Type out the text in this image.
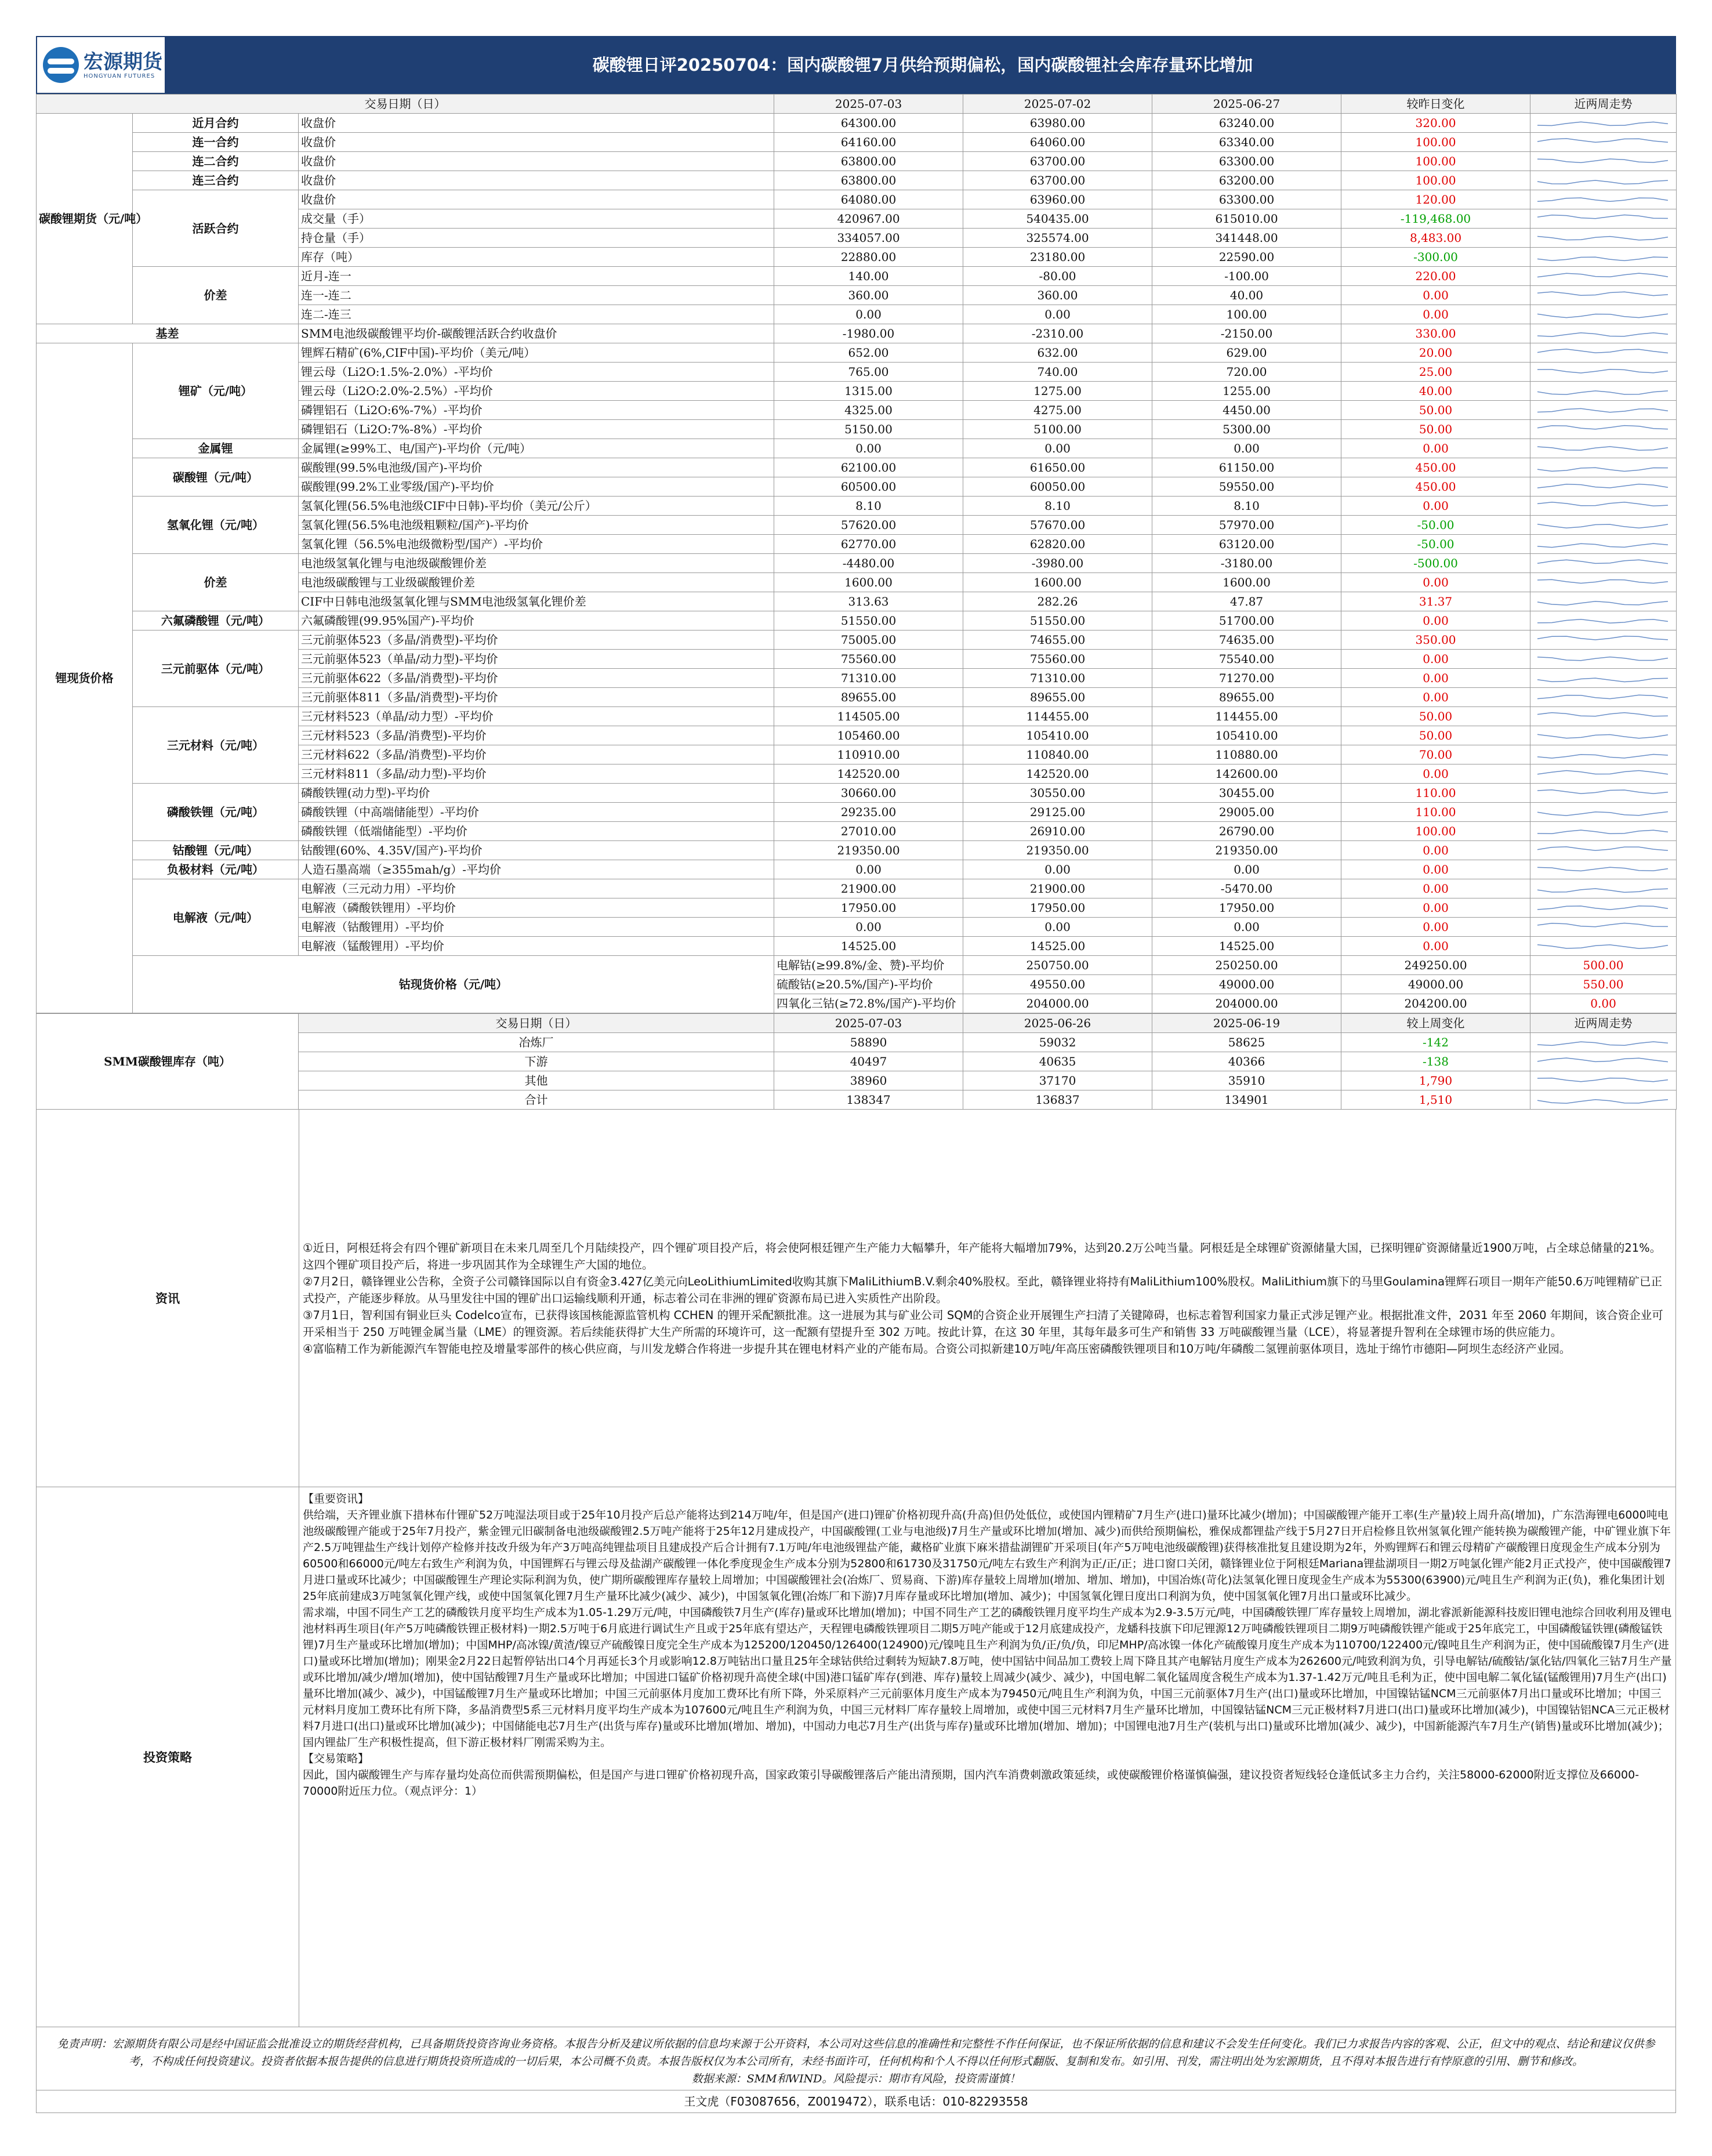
宏源期货
HONGYUAN FUTURES
碳酸锂日评20250704：国内碳酸锂7月供给预期偏松，国内碳酸锂社会库存量环比增加
交易日期（日）			2025-07-03	2025-07-02	2025-06-27	较昨日变化	近两周走势	
碳酸锂期货（元/吨）	近月合约	收盘价	64300.00	63980.00	63240.00	320.00	

	连一合约	收盘价	64160.00	64060.00	63340.00	100.00	

	连二合约	收盘价	63800.00	63700.00	63300.00	100.00	

	连三合约	收盘价	63800.00	63700.00	63200.00	100.00	

	活跃合约	收盘价	64080.00	63960.00	63300.00	120.00	

		成交量（手）	420967.00	540435.00	615010.00	-119,468.00	

		持仓量（手）	334057.00	325574.00	341448.00	8,483.00	

		库存（吨）	22880.00	23180.00	22590.00	-300.00	

	价差	近月-连一	140.00	-80.00	-100.00	220.00	

		连一-连二	360.00	360.00	40.00	0.00	

		连二-连三	0.00	0.00	100.00	0.00	

基差		SMM电池级碳酸锂平均价-碳酸锂活跃合约收盘价	-1980.00	-2310.00	-2150.00	330.00	

锂现货价格	锂矿（元/吨）	锂辉石精矿(6%,CIF中国)-平均价（美元/吨）	652.00	632.00	629.00	20.00	

		锂云母（Li2O:1.5%-2.0%）-平均价	765.00	740.00	720.00	25.00	

		锂云母（Li2O:2.0%-2.5%）-平均价	1315.00	1275.00	1255.00	40.00	

		磷锂铝石（Li2O:6%-7%）-平均价	4325.00	4275.00	4450.00	50.00	

		磷锂铝石（Li2O:7%-8%）-平均价	5150.00	5100.00	5300.00	50.00	

	金属锂	金属锂(≥99%工、电/国产)-平均价（元/吨）	0.00	0.00	0.00	0.00	

	碳酸锂（元/吨）	碳酸锂(99.5%电池级/国产)-平均价	62100.00	61650.00	61150.00	450.00	

		碳酸锂(99.2%工业零级/国产)-平均价	60500.00	60050.00	59550.00	450.00	

	氢氧化锂（元/吨）	氢氧化锂(56.5%电池级CIF中日韩)-平均价（美元/公斤）	8.10	8.10	8.10	0.00	

		氢氧化锂(56.5%电池级粗颗粒/国产)-平均价	57620.00	57670.00	57970.00	-50.00	

		氢氧化锂（56.5%电池级微粉型/国产）-平均价	62770.00	62820.00	63120.00	-50.00	

	价差	电池级氢氧化锂与电池级碳酸锂价差	-4480.00	-3980.00	-3180.00	-500.00	

		电池级碳酸锂与工业级碳酸锂价差	1600.00	1600.00	1600.00	0.00	

		CIF中日韩电池级氢氧化锂与SMM电池级氢氧化锂价差	313.63	282.26	47.87	31.37	

	六氟磷酸锂（元/吨）	六氟磷酸锂(99.95%国产)-平均价	51550.00	51550.00	51700.00	0.00	

	三元前驱体（元/吨）	三元前驱体523（多晶/消费型)-平均价	75005.00	74655.00	74635.00	350.00	

		三元前驱体523（单晶/动力型)-平均价	75560.00	75560.00	75540.00	0.00	

		三元前驱体622（多晶/消费型)-平均价	71310.00	71310.00	71270.00	0.00	

		三元前驱体811（多晶/消费型)-平均价	89655.00	89655.00	89655.00	0.00	

	三元材料（元/吨）	三元材料523（单晶/动力型）-平均价	114505.00	114455.00	114455.00	50.00	

		三元材料523（多晶/消费型)-平均价	105460.00	105410.00	105410.00	50.00	

		三元材料622（多晶/消费型)-平均价	110910.00	110840.00	110880.00	70.00	

		三元材料811（多晶/动力型)-平均价	142520.00	142520.00	142600.00	0.00	

	磷酸铁锂（元/吨）	磷酸铁锂(动力型)-平均价	30660.00	30550.00	30455.00	110.00	

		磷酸铁锂（中高端储能型）-平均价	29235.00	29125.00	29005.00	110.00	

		磷酸铁锂（低端储能型）-平均价	27010.00	26910.00	26790.00	100.00	

	钴酸锂（元/吨）	钴酸锂(60%、4.35V/国产)-平均价	219350.00	219350.00	219350.00	0.00	

	负极材料（元/吨）	人造石墨高端（≥355mah/g）-平均价	0.00	0.00	0.00	0.00	

	电解液（元/吨）	电解液（三元动力用）-平均价	21900.00	21900.00	-5470.00	0.00	

		电解液（磷酸铁锂用）-平均价	17950.00	17950.00	17950.00	0.00	

		电解液（钴酸锂用）-平均价	0.00	0.00	0.00	0.00	

		电解液（锰酸锂用）-平均价	14525.00	14525.00	14525.00	0.00	

	钴现货价格（元/吨）		电解钴(≥99.8%/金、赞)-平均价	250750.00	250250.00	249250.00	500.00	

			硫酸钴(≥20.5%/国产)-平均价	49550.00	49000.00	49000.00	550.00	

			四氧化三钴(≥72.8%/国产)-平均价	204000.00	204000.00	204200.00	0.00	
SMM碳酸锂库存（吨）	交易日期（日）	2025-07-03	2025-06-26	2025-06-19	较上周变化	近两周走势
	冶炼厂	58890	59032	58625	-142	

	下游	40497	40635	40366	-138	

	其他	38960	37170	35910	1,790	

	合计	138347	136837	134901	1,510	
资讯

①近日，阿根廷将会有四个锂矿新项目在未来几周至几个月陆续投产，四个锂矿项目投产后，将会使阿根廷锂产生产能力大幅攀升，年产能将大幅增加79%，达到20.2万公吨当量。阿根廷是全球锂矿资源储量大国，已探明锂矿资源储量近1900万吨，占全球总储量的21%。这四个锂矿项目投产后，将进一步巩固其作为全球锂生产大国的地位。

②7月2日，赣锋锂业公告称，全资子公司赣锋国际以自有资金3.427亿美元向LeoLithiumLimited收购其旗下MaliLithiumB.V.剩余40%股权。至此，赣锋锂业将持有MaliLithium100%股权。MaliLithium旗下的马里Goulamina锂辉石项目一期年产能50.6万吨锂精矿已正式投产，产能逐步释放。从马里发往中国的锂矿出口运输线顺利开通，标志着公司在非洲的锂矿资源布局已进入实质性产出阶段。

③7月1日，智利国有铜业巨头 Codelco宣布，已获得该国核能源监管机构 CCHEN 的锂开采配额批准。这一进展为其与矿业公司 SQM的合资企业开展锂生产扫清了关键障碍，也标志着智利国家力量正式涉足锂产业。根据批准文件，2031 年至 2060 年期间，该合资企业可开采相当于 250 万吨锂金属当量（LME）的锂资源。若后续能获得扩大生产所需的环境许可，这一配额有望提升至 302 万吨。按此计算，在这 30 年里，其每年最多可生产和销售 33 万吨碳酸锂当量（LCE），将显著提升智利在全球锂市场的供应能力。

④富临精工作为新能源汽车智能电控及增量零部件的核心供应商，与川发龙蟒合作将进一步提升其在锂电材料产业的产能布局。合资公司拟新建10万吨/年高压密磷酸铁锂项目和10万吨/年磷酸二氢锂前驱体项目，选址于绵竹市德阳—阿坝生态经济产业园。

投资策略

【重要资讯】

供给端，天齐锂业旗下措林布什锂矿52万吨湿法项目或于25年10月投产后总产能将达到214万吨/年，但是国产(进口)锂矿价格初现升高(升高)但仍处低位，或使国内锂精矿7月生产(进口)量环比减少(增加)；中国碳酸锂产能开工率(生产量)较上周升高(增加)，广东浩海锂电6000吨电池级碳酸锂产能或于25年7月投产，紫金锂元旧碳制备电池级碳酸锂2.5万吨产能将于25年12月建成投产，中国碳酸锂(工业与电池级)7月生产量或环比增加(增加、减少)而供给预期偏松，雅保成都锂盐产线于5月27日开启检修且钦州氢氧化锂产能转换为碳酸锂产能，中矿锂业旗下年产2.5万吨锂盐生产线计划停产检修并技改升级为年产3万吨高纯锂盐项目且建成投产后合计拥有7.1万吨/年电池级锂盐产能，藏格矿业旗下麻米措盐湖锂矿开采项目(年产5万吨电池级碳酸锂)获得核准批复且建设期为2年，外购锂辉石和锂云母精矿产碳酸锂日度现金生产成本分别为60500和66000元/吨左右致生产利润为负，中国锂辉石与锂云母及盐湖产碳酸锂一体化季度现金生产成本分别为52800和61730及31750元/吨左右致生产利润为正/正/正；进口窗口关闭，赣锋锂业位于阿根廷Mariana锂盐湖项目一期2万吨氯化锂产能2月正式投产，使中国碳酸锂7月进口量或环比减少；中国碳酸锂生产理论实际利润为负，使广期所碳酸锂库存量较上周增加；中国碳酸锂社会(冶炼厂、贸易商、下游)库存量较上周增加(增加、增加、增加)，中国冶炼(苛化)法氢氧化锂日度现金生产成本为55300(63900)元/吨且生产利润为正(负)，雅化集团计划25年底前建成3万吨氢氧化锂产线，或使中国氢氧化锂7月生产量环比减少(减少、减少)，中国氢氧化锂(冶炼厂和下游)7月库存量或环比增加(增加、减少)；中国氢氧化锂日度出口利润为负，使中国氢氧化锂7月出口量或环比减少。

需求端，中国不同生产工艺的磷酸铁月度平均生产成本为1.05-1.29万元/吨，中国磷酸铁7月生产(库存)量或环比增加(增加)；中国不同生产工艺的磷酸铁锂月度平均生产成本为2.9-3.5万元/吨，中国磷酸铁锂厂库存量较上周增加，湖北睿派新能源科技废旧锂电池综合回收利用及锂电池材料再生项目(年产5万吨磷酸铁锂正极材料)一期2.5万吨于6月底进行调试生产且或于25年底有望达产，天程锂电磷酸铁锂项目二期5万吨产能或于12月底建成投产，龙蟠科技旗下印尼锂源12万吨磷酸铁锂项目二期9万吨磷酸铁锂产能或于25年底完工，中国磷酸锰铁锂(磷酸锰铁锂)7月生产量或环比增加(增加)；中国MHP/高冰镍/黄渣/镍豆产硫酸镍日度完全生产成本为125200/120450/126400(124900)元/镍吨且生产利润为负/正/负/负，印尼MHP/高冰镍一体化产硫酸镍月度生产成本为110700/122400元/镍吨且生产利润为正，使中国硫酸镍7月生产(进口)量或环比增加(增加)；刚果金2月22日起暂停钴出口4个月再延长3个月或影响12.8万吨钴出口量且25年全球钴供给过剩转为短缺7.8万吨，使中国钴中间品加工费较上周下降且其产电解钴月度生产成本为262600元/吨致利润为负，引导电解钴/硫酸钴/氯化钴/四氧化三钴7月生产量或环比增加/减少/增加(增加)，使中国钴酸锂7月生产量或环比增加；中国进口锰矿价格初现升高使全球(中国)港口锰矿库存(到港、库存)量较上周减少(减少、减少)，中国电解二氧化锰周度含税生产成本为1.37-1.42万元/吨且毛利为正，使中国电解二氧化锰(锰酸锂用)7月生产(出口)量环比增加(减少、减少)，中国锰酸锂7月生产量或环比增加；中国三元前驱体月度加工费环比有所下降，外采原料产三元前驱体月度生产成本为79450元/吨且生产利润为负，中国三元前驱体7月生产(出口)量或环比增加，中国镍钴锰NCM三元前驱体7月出口量或环比增加；中国三元材料月度加工费环比有所下降，多晶消费型5系三元材料月度平均生产成本为107600元/吨且生产利润为负，中国三元材料厂库存量较上周增加，或使中国三元材料7月生产量环比增加，中国镍钴锰NCM三元正极材料7月进口(出口)量或环比增加(减少)，中国镍钴铝NCA三元正极材料7月进口(出口)量或环比增加(减少)；中国储能电芯7月生产(出货与库存)量或环比增加(增加、增加)，中国动力电芯7月生产(出货与库存)量或环比增加(增加、增加)；中国锂电池7月生产(装机与出口)量或环比增加(减少、减少)，中国新能源汽车7月生产(销售)量或环比增加(减少)；国内锂盐厂生产积极性提高，但下游正极材料厂刚需采购为主。

【交易策略】

因此，国内碳酸锂生产与库存量均处高位而供需预期偏松，但是国产与进口锂矿价格初现升高，国家政策引导碳酸锂落后产能出清预期，国内汽车消费刺激政策延续，或使碳酸锂价格谨慎偏强，建议投资者短线轻仓逢低试多主力合约，关注58000-62000附近支撑位及66000-70000附近压力位。（观点评分：1）

免责声明：宏源期货有限公司是经中国证监会批准设立的期货经营机构，已具备期货投资咨询业务资格。本报告分析及建议所依据的信息均来源于公开资料，本公司对这些信息的准确性和完整性不作任何保证，也不保证所依据的信息和建议不会发生任何变化。我们已力求报告内容的客观、公正，但文中的观点、结论和建议仅供参考，不构成任何投资建议。投资者依据本报告提供的信息进行期货投资所造成的一切后果，本公司概不负责。本报告版权仅为本公司所有，未经书面许可，任何机构和个人不得以任何形式翻版、复制和发布。如引用、刊发，需注明出处为宏源期货，且不得对本报告进行有悖原意的引用、删节和修改。
数据来源：SMM和WIND。风险提示：期市有风险，投资需谨慎！
王文虎（F03087656，Z0019472），联系电话：010-82293558
